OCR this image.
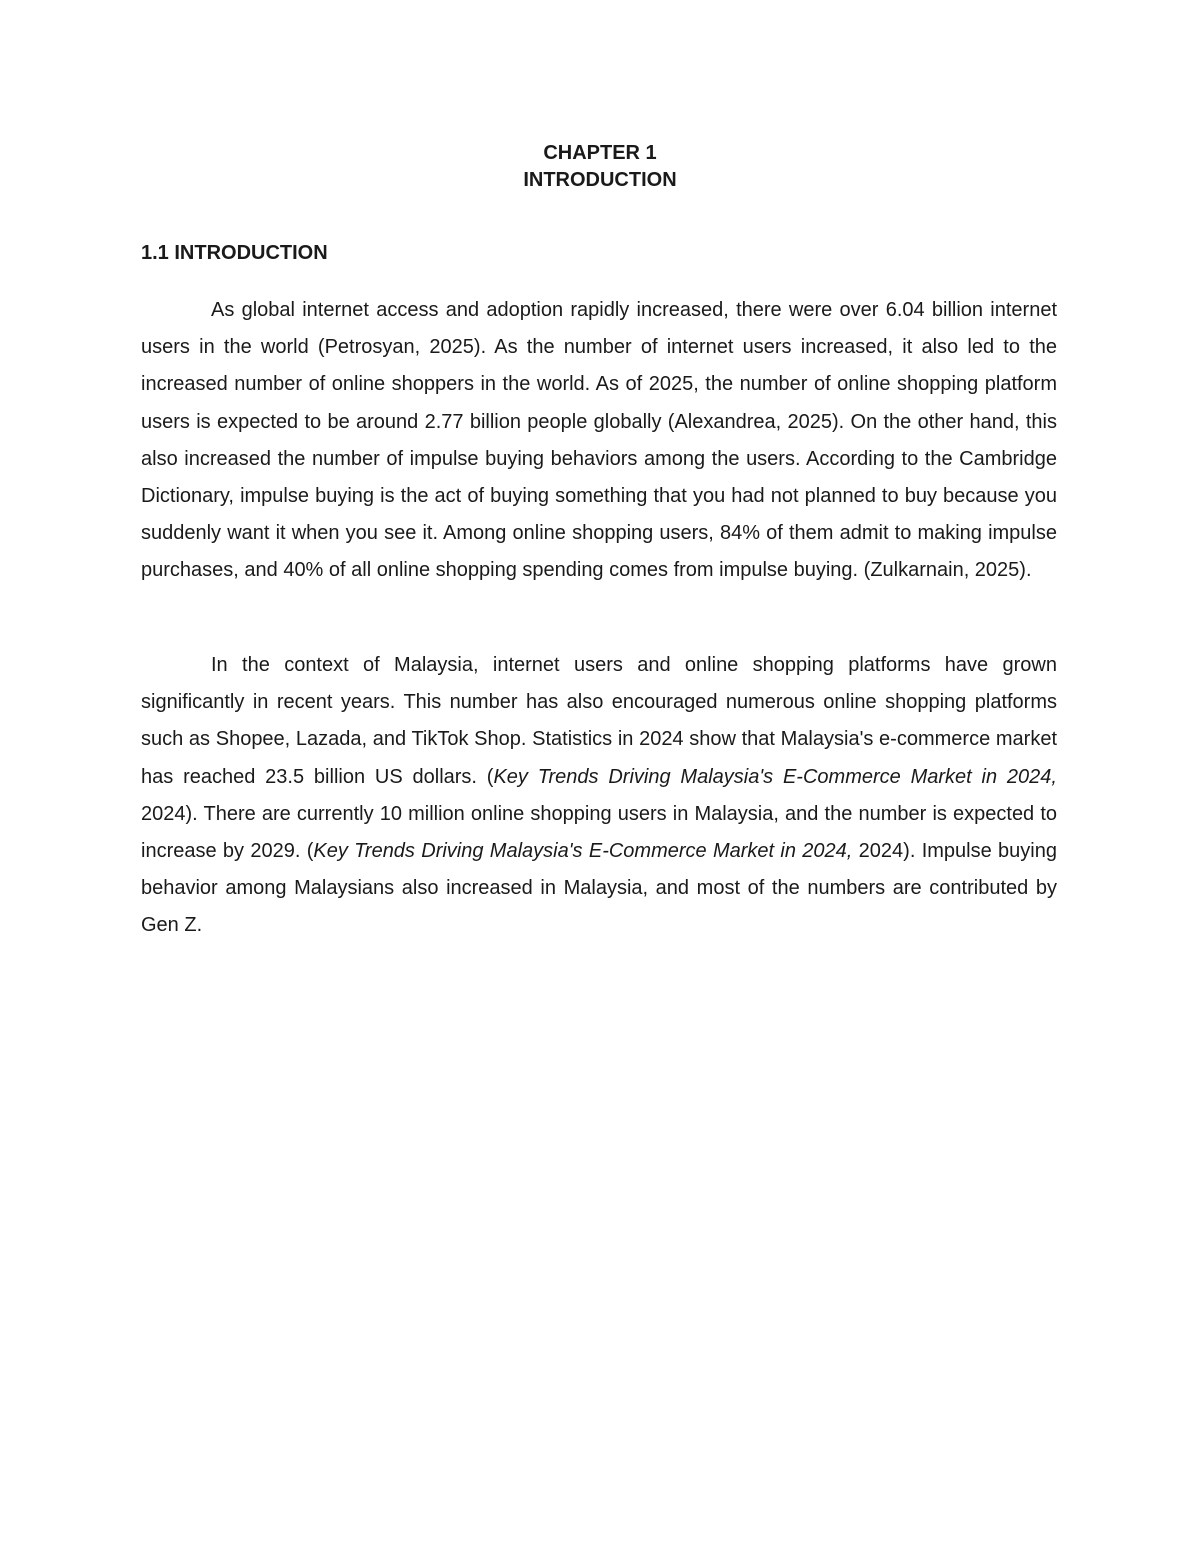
CHAPTER 1
INTRODUCTION
1.1 INTRODUCTION

As global internet access and adoption rapidly increased, there were over 6.04 billion internet users in the world (Petrosyan, 2025). As the number of internet users increased, it also led to the increased number of online shoppers in the world. As of 2025, the number of online shopping platform users is expected to be around 2.77 billion people globally (Alexandrea, 2025). On the other hand, this also increased the number of impulse buying behaviors among the users. According to the Cambridge Dictionary, impulse buying is the act of buying something that you had not planned to buy because you suddenly want it when you see it. Among online shopping users, 84% of them admit to making impulse purchases, and 40% of all online shopping spending comes from impulse buying. (Zulkarnain, 2025).

In the context of Malaysia, internet users and online shopping platforms have grown significantly in recent years. This number has also encouraged numerous online shopping platforms such as Shopee, Lazada, and TikTok Shop. Statistics in 2024 show that Malaysia's e-commerce market has reached 23.5 billion US dollars. (Key Trends Driving Malaysia's E-Commerce Market in 2024, 2024). There are currently 10 million online shopping users in Malaysia, and the number is expected to increase by 2029. (Key Trends Driving Malaysia's E-Commerce Market in 2024, 2024). Impulse buying behavior among Malaysians also increased in Malaysia, and most of the numbers are contributed by Gen Z.
